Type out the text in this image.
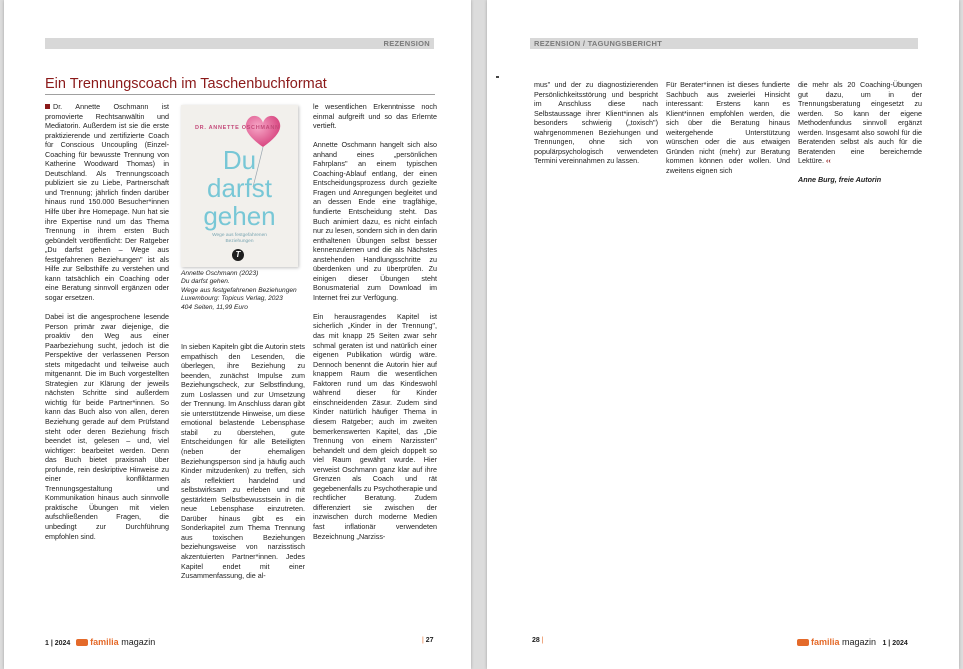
REZENSION
Ein Trennungscoach im Taschenbuchformat

Dr. Annette Oschmann ist promovierte Rechtsanwältin und Mediatorin. Außerdem ist sie die erste praktizierende und zertifizierte Coach für Conscious Uncoupling (Einzel-Coaching für bewusste Trennung von Katherine Woodward Thomas) in Deutschland. Als Trennungscoach publiziert sie zu Liebe, Partnerschaft und Trennung; jährlich finden darüber hinaus rund 150.000 Besucher*innen Hilfe über ihre Homepage. Nun hat sie ihre Expertise rund um das Thema Trennung in ihrem ersten Buch gebündelt veröffentlicht: Der Ratgeber „Du darfst gehen – Wege aus festgefahrenen Beziehungen" ist als Hilfe zur Selbsthilfe zu verstehen und kann tatsächlich ein Coaching oder eine Beratung sinnvoll ergänzen oder sogar ersetzen.

Dabei ist die angesprochene lesende Person primär zwar diejenige, die proaktiv den Weg aus einer Paarbeziehung sucht, jedoch ist die Perspektive der verlassenen Person stets mitgedacht und teilweise auch mitgenannt. Die im Buch vorgestellten Strategien zur Klärung der jeweils nächsten Schritte sind außerdem wichtig für beide Partner*innen. So kann das Buch also von allen, deren Beziehung gerade auf dem Prüfstand steht oder deren Beziehung frisch beendet ist, gelesen – und, viel wichtiger: bearbeitet werden. Denn das Buch bietet praxisnah über profunde, rein deskriptive Hinweise zu einer konfliktarmen Trennungsgestaltung und Kommunikation hinaus auch sinnvolle praktische Übungen mit vielen aufschließenden Fragen, die unbedingt zur Durchführung empfohlen sind.

DR. ANNETTE OSCHMANN
Du
darfst
gehen
Wege aus festgefahrenen
Beziehungen
T
Annette Oschmann (2023)
Du darfst gehen.
Wege aus festgefahrenen Beziehungen
Luxembourg: Topicus Verlag, 2023
404 Seiten, 11,99 Euro

In sieben Kapiteln gibt die Autorin stets empathisch den Lesenden, die überlegen, ihre Beziehung zu beenden, zunächst Impulse zum Beziehungscheck, zur Selbstfindung, zum Loslassen und zur Umsetzung der Trennung. Im Anschluss daran gibt sie unterstützende Hinweise, um diese emotional belastende Lebensphase stabil zu überstehen, gute Entscheidungen für alle Beteiligten (neben der ehemaligen Beziehungsperson sind ja häufig auch Kinder mitzudenken) zu treffen, sich als reflektiert handelnd und selbstwirksam zu erleben und mit gestärktem Selbstbewusstsein in die neue Lebensphase einzutreten. Darüber hinaus gibt es ein Sonderkapitel zum Thema Trennung aus toxischen Beziehungen beziehungsweise von narzisstisch akzentuierten Partner*innen. Jedes Kapitel endet mit einer Zusammenfassung, die al-

le wesentlichen Erkenntnisse noch einmal aufgreift und so das Erlernte vertieft.

Annette Oschmann hangelt sich also anhand eines „persönlichen Fahrplans" an einem typischen Coaching-Ablauf entlang, der einen Entscheidungsprozess durch gezielte Fragen und Anregungen begleitet und an dessen Ende eine tragfähige, fundierte Entscheidung steht. Das Buch animiert dazu, es nicht einfach nur zu lesen, sondern sich in den darin enthaltenen Übungen selbst besser kennenzulernen und die als Nächstes anstehenden Handlungsschritte zu überdenken und zu überprüfen. Zu einigen dieser Übungen steht Bonusmaterial zum Download im Internet frei zur Verfügung.

Ein herausragendes Kapitel ist sicherlich „Kinder in der Trennung", das mit knapp 25 Seiten zwar sehr schmal geraten ist und natürlich einer eigenen Publikation würdig wäre. Dennoch benennt die Autorin hier auf knappem Raum die wesentlichen Faktoren rund um das Kindeswohl während dieser für Kinder einschneidenden Zäsur. Zudem sind Kinder natürlich häufiger Thema in diesem Ratgeber; auch im zweiten bemerkenswerten Kapitel, das „Die Trennung von einem Narzissten" behandelt und dem gleich doppelt so viel Raum gewährt wurde. Hier verweist Oschmann ganz klar auf ihre Grenzen als Coach und rät gegebenenfalls zu Psychotherapie und rechtlicher Beratung. Zudem differenziert sie zwischen der inzwischen durch moderne Medien fast inflationär verwendeten Bezeichnung „Narziss-

1 | 2024 familia magazin	| 27
REZENSION / TAGUNGSBERICHT

mus" und der zu diagnostizierenden Persönlichkeitsstörung und bespricht im Anschluss diese nach Selbstaussage ihrer Klient*innen als besonders schwierig („toxisch") wahrgenommenen Beziehungen und Trennungen, ohne sich von populärpsychologisch verwendeten Termini vereinnahmen zu lassen.

Für Berater*innen ist dieses fundierte Sachbuch aus zweierlei Hinsicht interessant: Erstens kann es Klient*innen empfohlen werden, die sich über die Beratung hinaus weitergehende Unterstützung wünschen oder die aus etwaigen Gründen nicht (mehr) zur Beratung kommen können oder wollen. Und zweitens eignen sich

die mehr als 20 Coaching-Übungen gut dazu, um in der Trennungsberatung eingesetzt zu werden. So kann der eigene Methodenfundus sinnvoll ergänzt werden. Insgesamt also sowohl für die Beratenden selbst als auch für die Beratenden eine bereichernde Lektüre. ‹‹

Anne Burg, freie Autorin
28 |	familia magazin 1 | 2024
